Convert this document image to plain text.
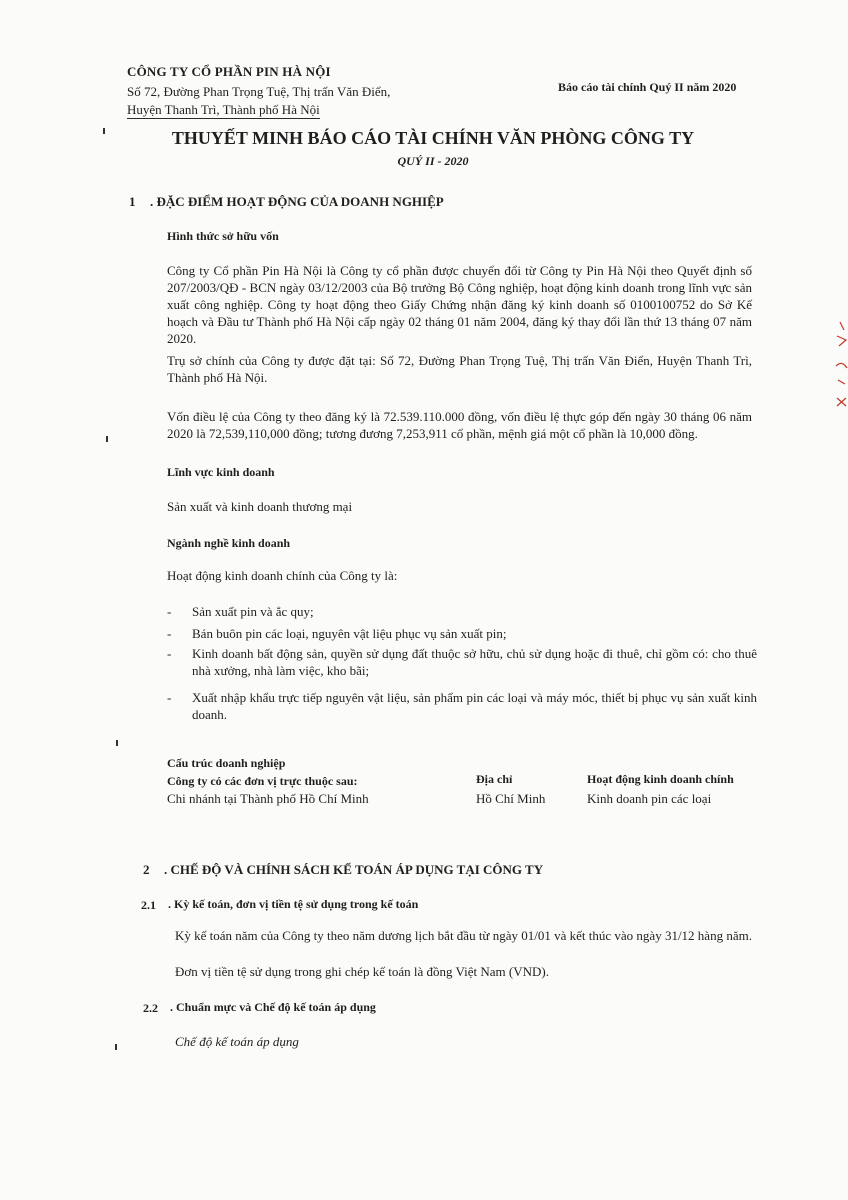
CÔNG TY CỔ PHẦN PIN HÀ NỘI
Số 72, Đường Phan Trọng Tuệ, Thị trấn Văn Điển,
Huyện Thanh Trì, Thành phố Hà Nội
Báo cáo tài chính Quý II năm 2020
THUYẾT MINH BÁO CÁO TÀI CHÍNH VĂN PHÒNG CÔNG TY
QUÝ II - 2020
1 . ĐẶC ĐIỂM HOẠT ĐỘNG CỦA DOANH NGHIỆP
Hình thức sở hữu vốn
Công ty Cổ phần Pin Hà Nội là Công ty cổ phần được chuyển đổi từ Công ty Pin Hà Nội theo Quyết định số 207/2003/QĐ - BCN ngày 03/12/2003 của Bộ trưởng Bộ Công nghiệp, hoạt động kinh doanh trong lĩnh vực sản xuất công nghiệp. Công ty hoạt động theo Giấy Chứng nhận đăng ký kinh doanh số 0100100752 do Sở Kế hoạch và Đầu tư Thành phố Hà Nội cấp ngày 02 tháng 01 năm 2004, đăng ký thay đổi lần thứ 13 tháng 07 năm 2020.
Trụ sở chính của Công ty được đặt tại: Số 72, Đường Phan Trọng Tuệ, Thị trấn Văn Điển, Huyện Thanh Trì, Thành phố Hà Nội.
Vốn điều lệ của Công ty theo đăng ký là 72.539.110.000 đồng, vốn điều lệ thực góp đến ngày 30 tháng 06 năm 2020 là 72,539,110,000 đồng; tương đương 7,253,911 cổ phần, mệnh giá một cổ phần là 10,000 đồng.
Lĩnh vực kinh doanh
Sản xuất và kinh doanh thương mại
Ngành nghề kinh doanh
Hoạt động kinh doanh chính của Công ty là:
- Sản xuất pin và ắc quy;
- Bán buôn pin các loại, nguyên vật liệu phục vụ sản xuất pin;
- Kinh doanh bất động sản, quyền sử dụng đất thuộc sở hữu, chủ sử dụng hoặc đi thuê, chỉ gồm có: cho thuê nhà xưởng, nhà làm việc, kho bãi;
- Xuất nhập khẩu trực tiếp nguyên vật liệu, sản phẩm pin các loại và máy móc, thiết bị phục vụ sản xuất kinh doanh.
Cấu trúc doanh nghiệp
Công ty có các đơn vị trực thuộc sau:	Địa chỉ	Hoạt động kinh doanh chính
Chi nhánh tại Thành phố Hồ Chí Minh	Hồ Chí Minh	Kinh doanh pin các loại
2 . CHẾ ĐỘ VÀ CHÍNH SÁCH KẾ TOÁN ÁP DỤNG TẠI CÔNG TY
2.1 . Kỳ kế toán, đơn vị tiền tệ sử dụng trong kế toán
Kỳ kế toán năm của Công ty theo năm dương lịch bắt đầu từ ngày 01/01 và kết thúc vào ngày 31/12 hàng năm.
Đơn vị tiền tệ sử dụng trong ghi chép kế toán là đồng Việt Nam (VND).
2.2 . Chuẩn mực và Chế độ kế toán áp dụng
Chế độ kế toán áp dụng
